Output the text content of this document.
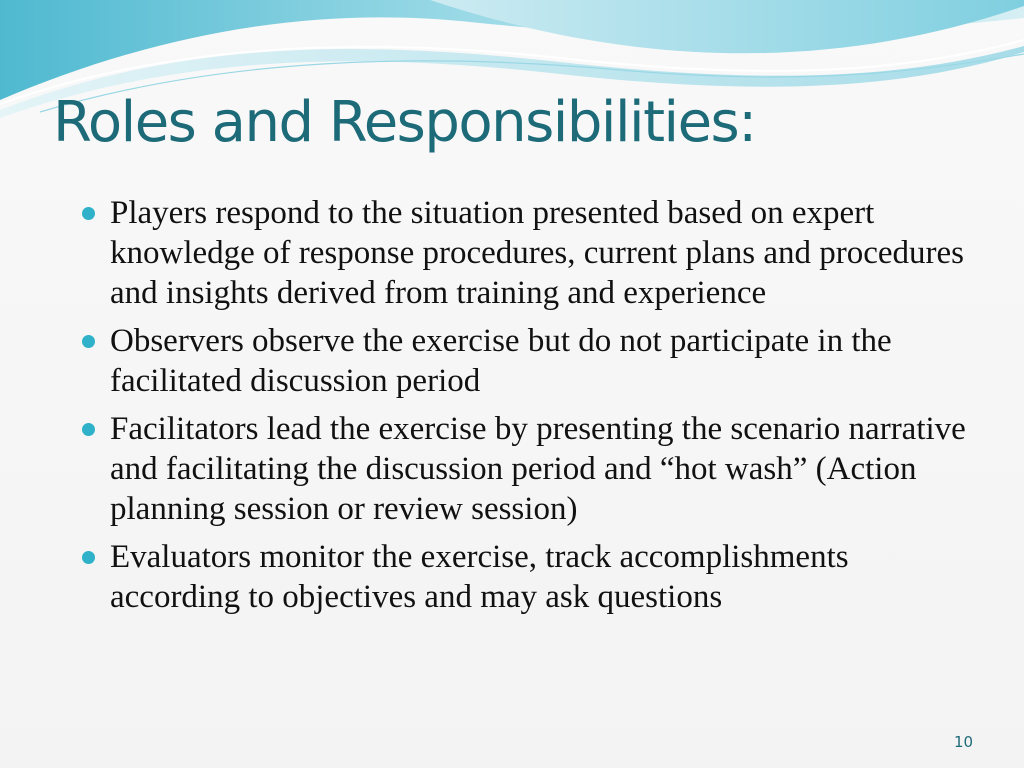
Roles and Responsibilities:
Players respond to the situation presented based on expert knowledge of response procedures, current plans and procedures and insights derived from training and experience
Observers observe the exercise but do not participate in the facilitated discussion period
Facilitators lead the exercise by presenting the scenario narrative and facilitating the discussion period and “hot wash” (Action planning session or review session)
Evaluators monitor the exercise, track accomplishments according to objectives and may ask questions
10
